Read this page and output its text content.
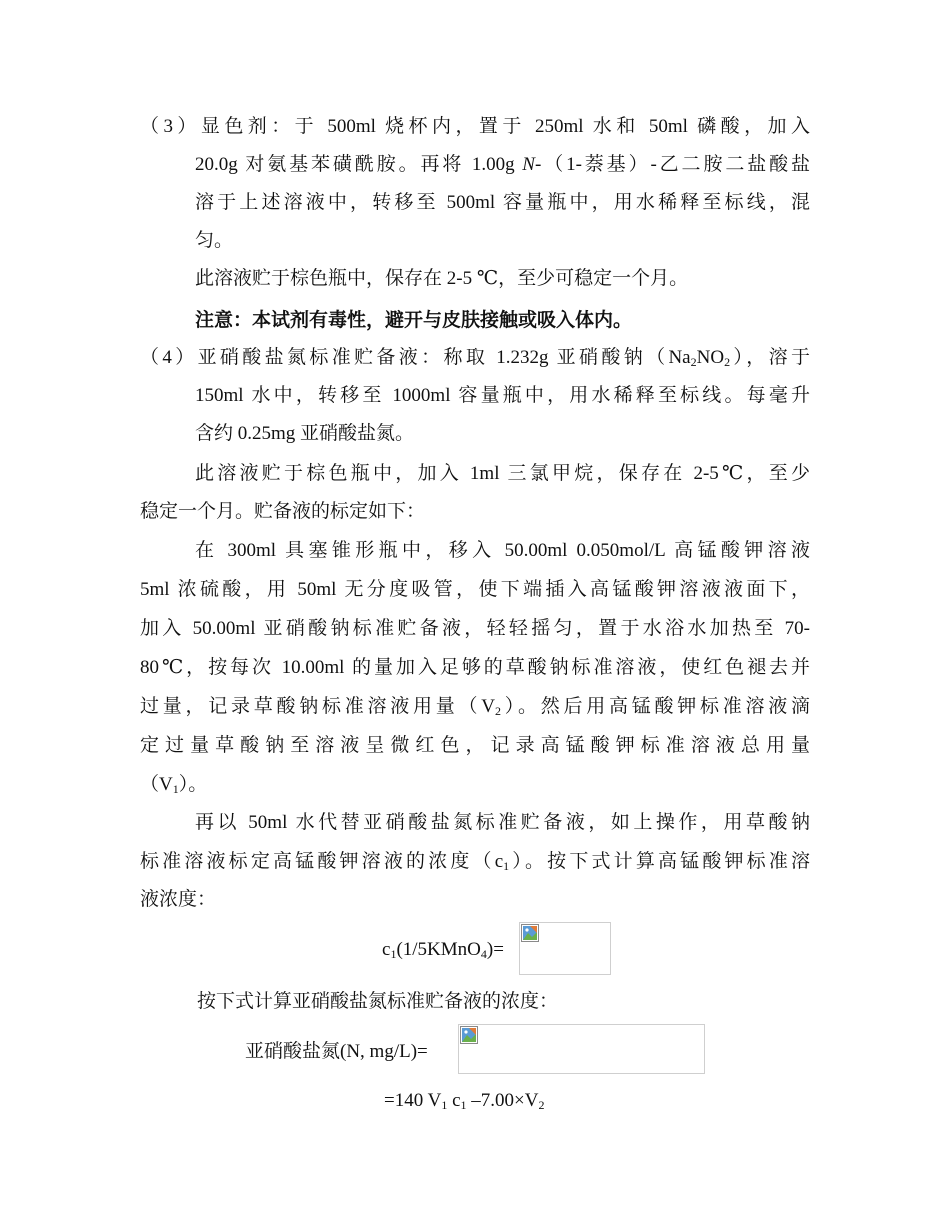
（3）显色剂：于 500ml 烧杯内，置于 250ml 水和 50ml 磷酸，加入
20.0g 对氨基苯磺酰胺。再将 1.00g N-（1-萘基）-乙二胺二盐酸盐
溶于上述溶液中，转移至 500ml 容量瓶中，用水稀释至标线，混
匀。
此溶液贮于棕色瓶中，保存在 2-5 ℃，至少可稳定一个月。
注意：本试剂有毒性，避开与皮肤接触或吸入体内。
（4）亚硝酸盐氮标准贮备液：称取 1.232g 亚硝酸钠$(Na_2NO_2)$，溶于
150ml 水中，转移至 1000ml 容量瓶中，用水稀释至标线。每毫升
含约 0.25mg 亚硝酸盐氮。
此溶液贮于棕色瓶中，加入 1ml 三氯甲烷，保存在 2-5℃，至少
稳定一个月。贮备液的标定如下：
在 300ml 具塞锥形瓶中，移入 50.00ml 0.050mol/L 高锰酸钾溶液
5ml 浓硫酸，用 50ml 无分度吸管，使下端插入高锰酸钾溶液液面下，
加入 50.00ml 亚硝酸钠标准贮备液，轻轻摇匀，置于水浴水加热至 70-
80℃，按每次 10.00ml 的量加入足够的草酸钠标准溶液，使红色褪去并
过量，记录草酸钠标准溶液用量$(V_2)$。然后用高锰酸钾标准溶液滴
定过量草酸钠至溶液呈微红色，记录高锰酸钾标准溶液总用量
$(V_1)$。
再以 50ml 水代替亚硝酸盐氮标准贮备液，如上操作，用草酸钠
标准溶液标定高锰酸钾溶液的浓度$(c_1)$。按下式计算高锰酸钾标准溶
液浓度：
$c_1(1/5KMnO_4)=$
按下式计算亚硝酸盐氮标准贮备液的浓度：
亚硝酸盐氮(N, mg/L)=
=140 $V_1$ $c_1$ $-7.00\times V_2$
